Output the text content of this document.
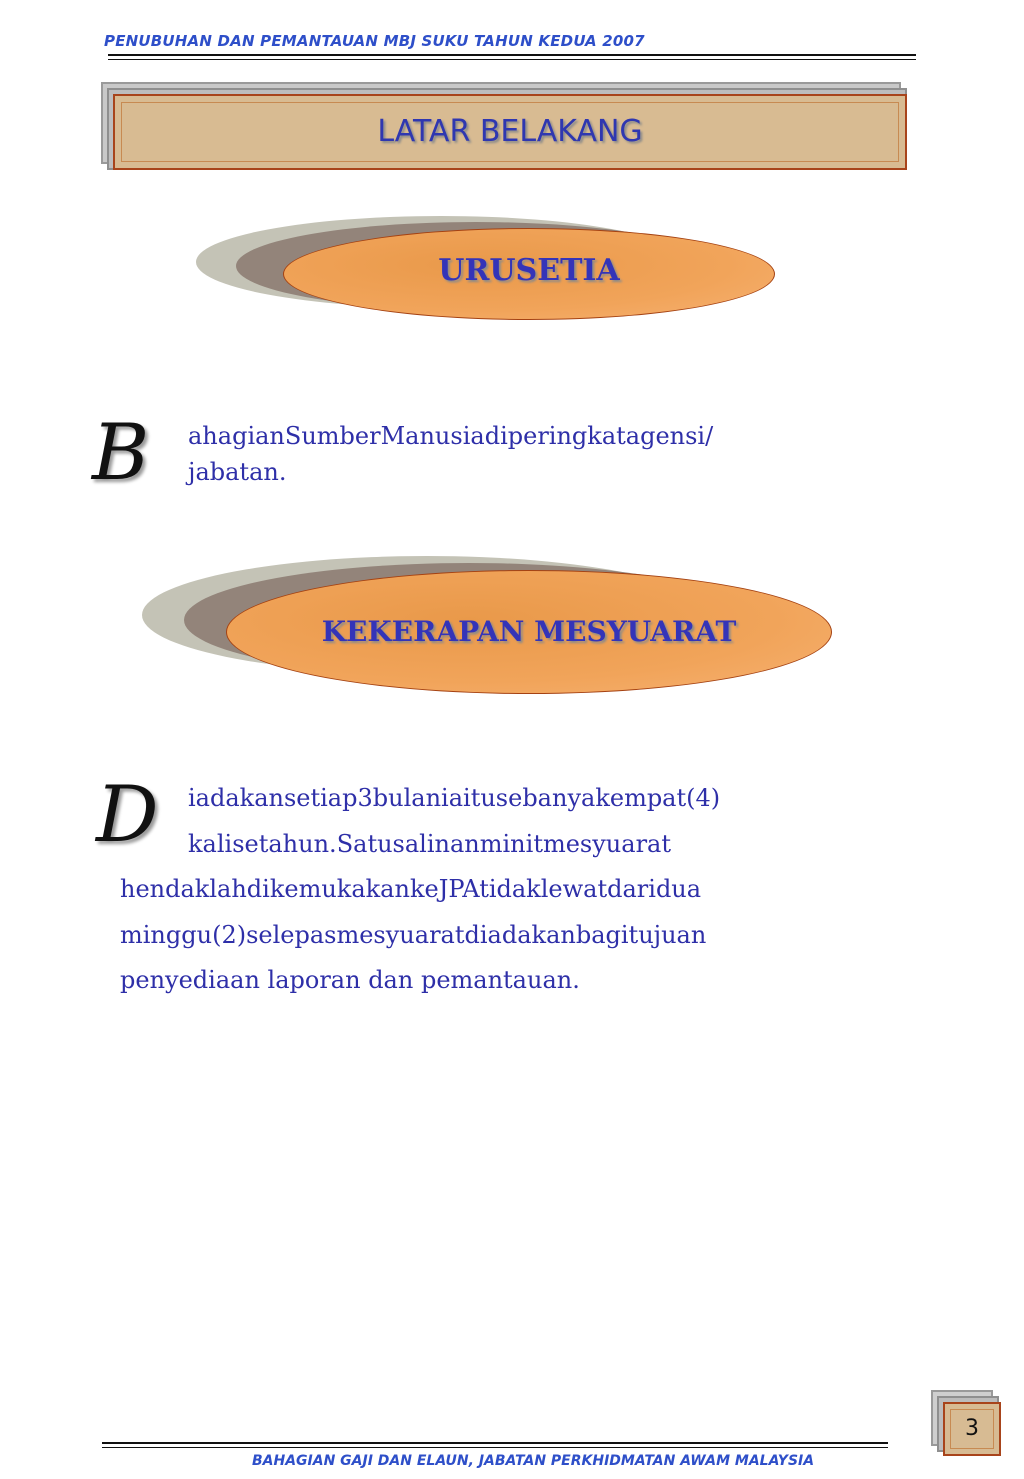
PENUBUHAN DAN PEMANTAUAN MBJ SUKU TAHUN KEDUA 2007
LATAR BELAKANG
URUSETIA
B ahagianSumberManusiadiperingkatagensi/
jabatan.
KEKERAPAN MESYUARAT
D iadakansetiap3bulaniaitusebanyakempat(4)
kalisetahun.Satusalinanminitmesyuarat
hendaklahdikemukakankeJPAtidaklewatdaridua
minggu(2)selepasmesyuaratdiadakanbagitujuan
penyediaan laporan dan pemantauan.
3
BAHAGIAN GAJI DAN ELAUN, JABATAN PERKHIDMATAN AWAM MALAYSIA
